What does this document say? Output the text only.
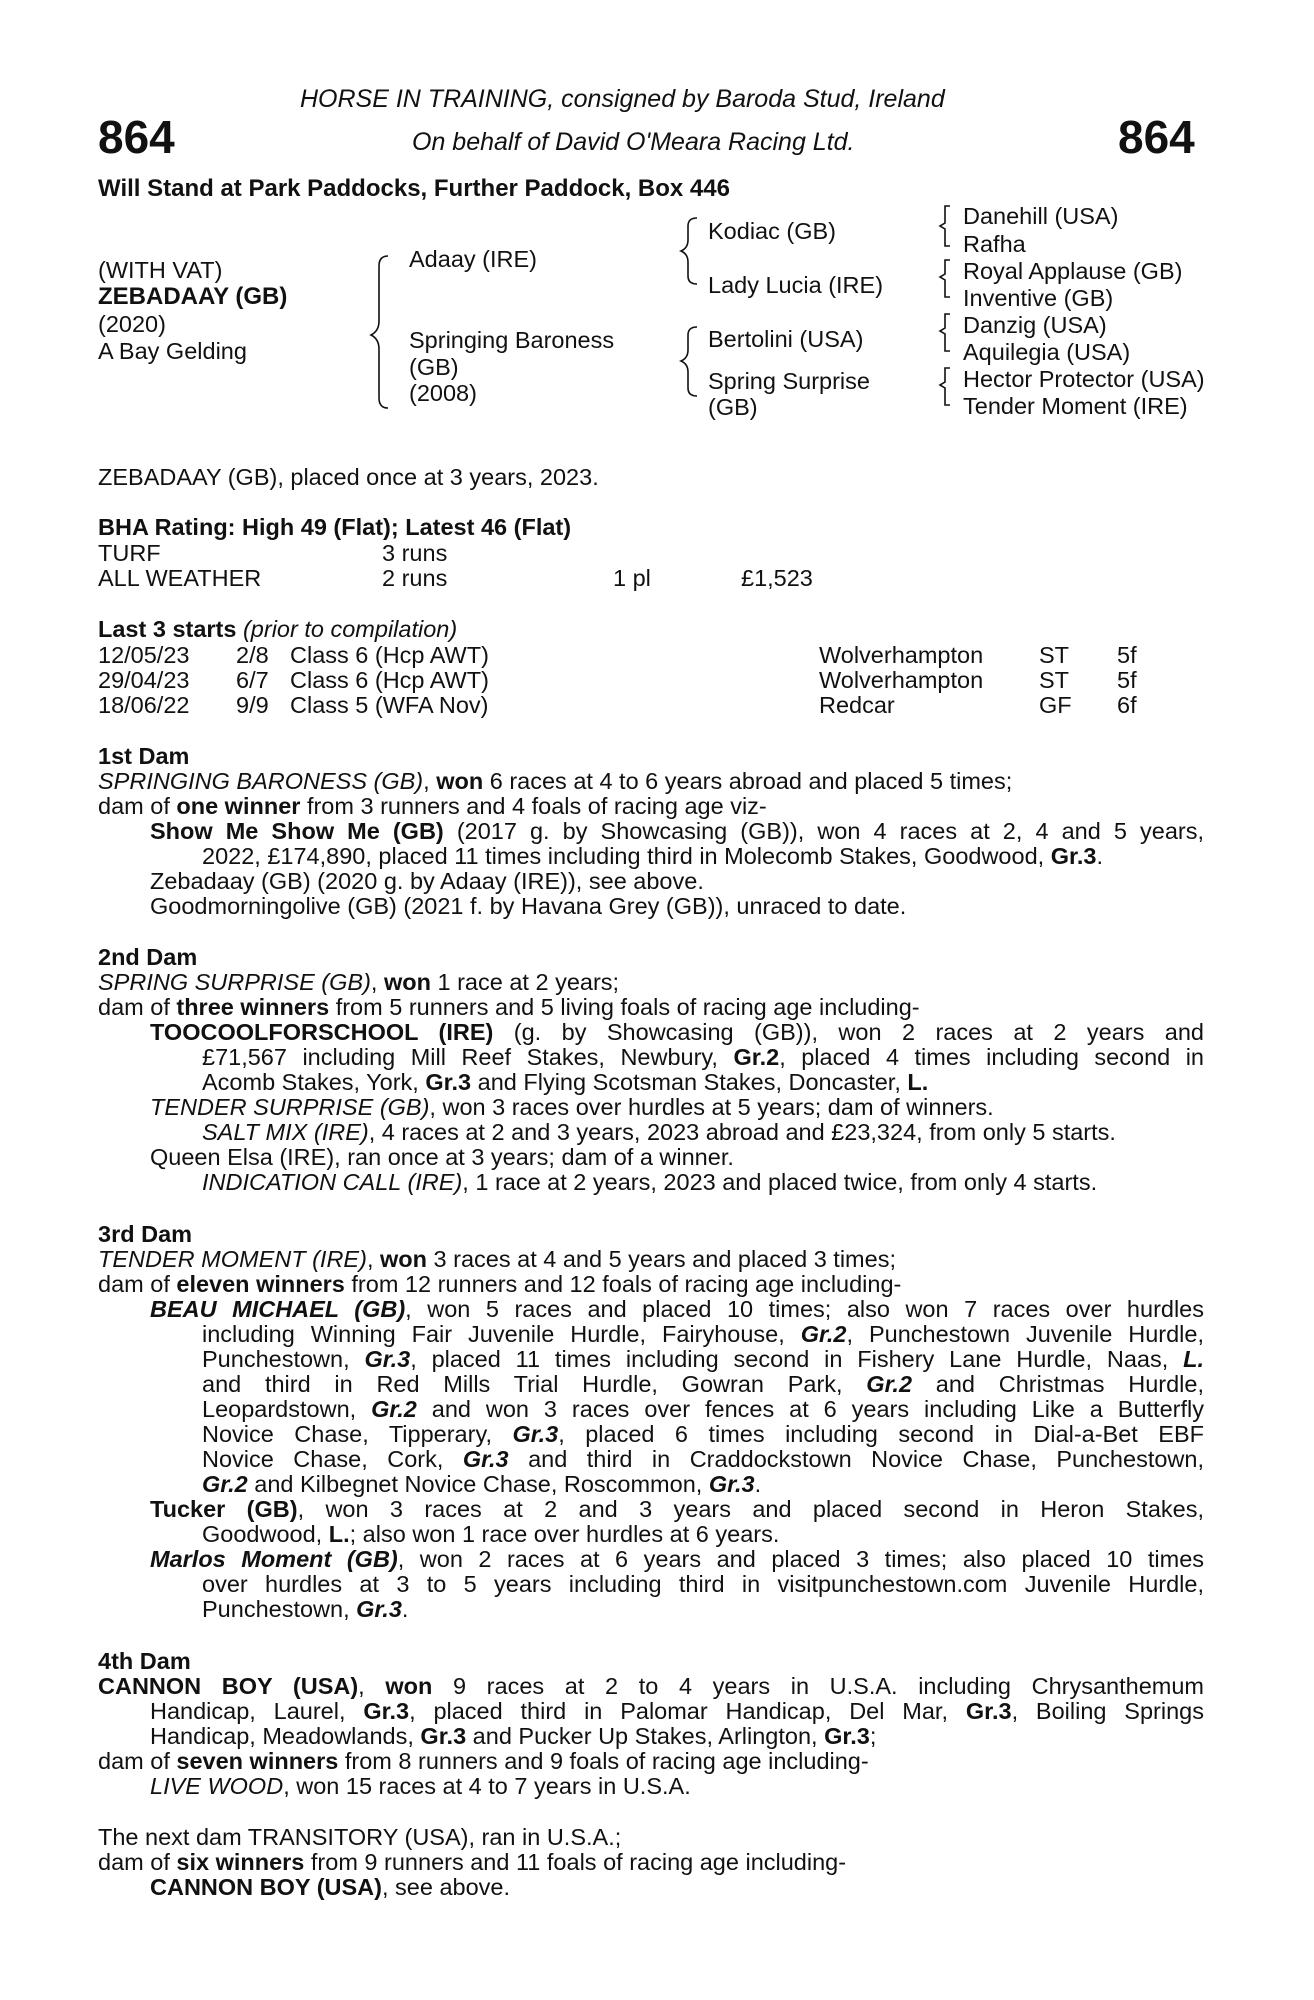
864	864
HORSE IN TRAINING, consigned by Baroda Stud, Ireland
On behalf of David O'Meara Racing Ltd.
Will Stand at Park Paddocks, Further Paddock, Box 446
(WITH VAT)
ZEBADAAY (GB)
(2020)
A Bay Gelding
Adaay (IRE)
Springing Baroness
(GB)
(2008)
Kodiac (GB)
Lady Lucia (IRE)
Bertolini (USA)
Spring Surprise
(GB)
Danehill (USA)
Rafha
Royal Applause (GB)
Inventive (GB)
Danzig (USA)
Aquilegia (USA)
Hector Protector (USA)
Tender Moment (IRE)
ZEBADAAY (GB), placed once at 3 years, 2023.
BHA Rating: High 49 (Flat); Latest 46 (Flat)
TURF	3 runs
ALL WEATHER	2 runs	1 pl	£1,523
Last 3 starts (prior to compilation)
12/05/23 2/8 Class 6 (Hcp AWT)	Wolverhampton ST 5f
29/04/23 6/7 Class 6 (Hcp AWT)	Wolverhampton ST 5f
18/06/22 9/9 Class 5 (WFA Nov)	Redcar	GF 6f
1st Dam
SPRINGING BARONESS (GB), won 6 races at 4 to 6 years abroad and placed 5 times;
dam of one winner from 3 runners and 4 foals of racing age viz-
Show Me Show Me (GB) (2017 g. by Showcasing (GB)), won 4 races at 2, 4 and 5 years,
2022, £174,890, placed 11 times including third in Molecomb Stakes, Goodwood, Gr.3.
Zebadaay (GB) (2020 g. by Adaay (IRE)), see above.
Goodmorningolive (GB) (2021 f. by Havana Grey (GB)), unraced to date.
2nd Dam
SPRING SURPRISE (GB), won 1 race at 2 years;
dam of three winners from 5 runners and 5 living foals of racing age including-
TOOCOOLFORSCHOOL (IRE) (g. by Showcasing (GB)), won 2 races at 2 years and
£71,567 including Mill Reef Stakes, Newbury, Gr.2, placed 4 times including second in
Acomb Stakes, York, Gr.3 and Flying Scotsman Stakes, Doncaster, L.
TENDER SURPRISE (GB), won 3 races over hurdles at 5 years; dam of winners.
SALT MIX (IRE), 4 races at 2 and 3 years, 2023 abroad and £23,324, from only 5 starts.
Queen Elsa (IRE), ran once at 3 years; dam of a winner.
INDICATION CALL (IRE), 1 race at 2 years, 2023 and placed twice, from only 4 starts.
3rd Dam
TENDER MOMENT (IRE), won 3 races at 4 and 5 years and placed 3 times;
dam of eleven winners from 12 runners and 12 foals of racing age including-
BEAU MICHAEL (GB), won 5 races and placed 10 times; also won 7 races over hurdles
including Winning Fair Juvenile Hurdle, Fairyhouse, Gr.2, Punchestown Juvenile Hurdle,
Punchestown, Gr.3, placed 11 times including second in Fishery Lane Hurdle, Naas, L.
and third in Red Mills Trial Hurdle, Gowran Park, Gr.2 and Christmas Hurdle,
Leopardstown, Gr.2 and won 3 races over fences at 6 years including Like a Butterfly
Novice Chase, Tipperary, Gr.3, placed 6 times including second in Dial-a-Bet EBF
Novice Chase, Cork, Gr.3 and third in Craddockstown Novice Chase, Punchestown,
Gr.2 and Kilbegnet Novice Chase, Roscommon, Gr.3.
Tucker (GB), won 3 races at 2 and 3 years and placed second in Heron Stakes,
Goodwood, L.; also won 1 race over hurdles at 6 years.
Marlos Moment (GB), won 2 races at 6 years and placed 3 times; also placed 10 times
over hurdles at 3 to 5 years including third in visitpunchestown.com Juvenile Hurdle,
Punchestown, Gr.3.
4th Dam
CANNON BOY (USA), won 9 races at 2 to 4 years in U.S.A. including Chrysanthemum
Handicap, Laurel, Gr.3, placed third in Palomar Handicap, Del Mar, Gr.3, Boiling Springs
Handicap, Meadowlands, Gr.3 and Pucker Up Stakes, Arlington, Gr.3;
dam of seven winners from 8 runners and 9 foals of racing age including-
LIVE WOOD, won 15 races at 4 to 7 years in U.S.A.
The next dam TRANSITORY (USA), ran in U.S.A.;
dam of six winners from 9 runners and 11 foals of racing age including-
CANNON BOY (USA), see above.
